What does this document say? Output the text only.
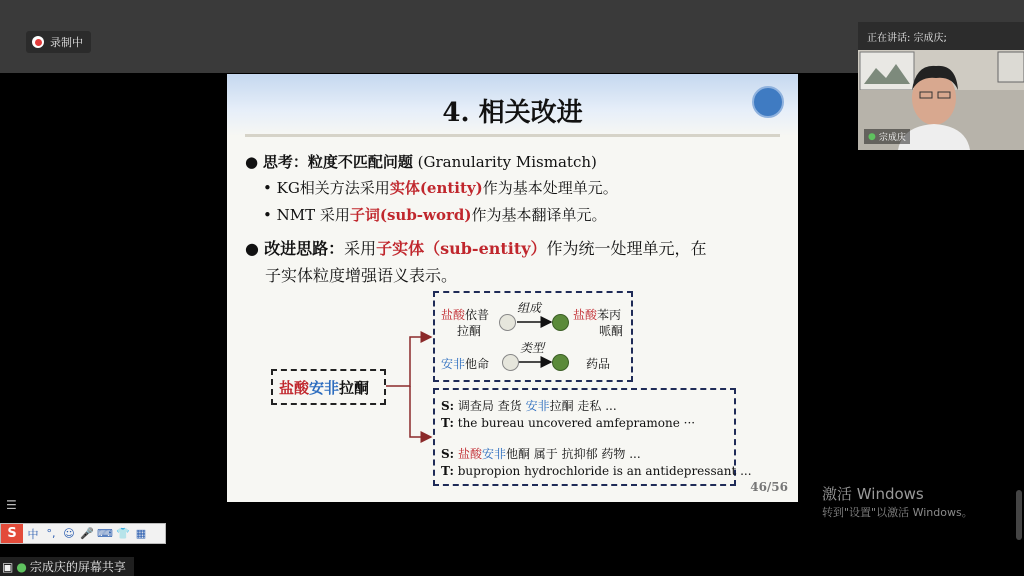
录制中	正在讲话: 宗成庆;
● 宗成庆
4. 相关改进
● 思考：粒度不匹配问题 (Granularity Mismatch)
• KG相关方法采用实体(entity)作为基本处理单元。
• NMT 采用子词(sub-word)作为基本翻译单元。
● 改进思路：采用子实体（sub-entity）作为统一处理单元，在
子实体粒度增强语义表示。
盐酸安非拉酮
盐酸依普
拉酮
组成	盐酸苯丙
哌酮
安非他命
类型
药品
S: 调查局 查货 安非拉酮 走私 ...
T: the bureau uncovered amfepramone ···
S: 盐酸安非他酮 属于 抗抑郁 药物 ...
T: bupropion hydrochloride is an antidepressant ...
46/56 激活 Windows
转到"设置"以激活 Windows。
☰
S 中 °, ☺ 🎤 ⌨ 👕 ▦
▣ ● 宗成庆的屏幕共享
